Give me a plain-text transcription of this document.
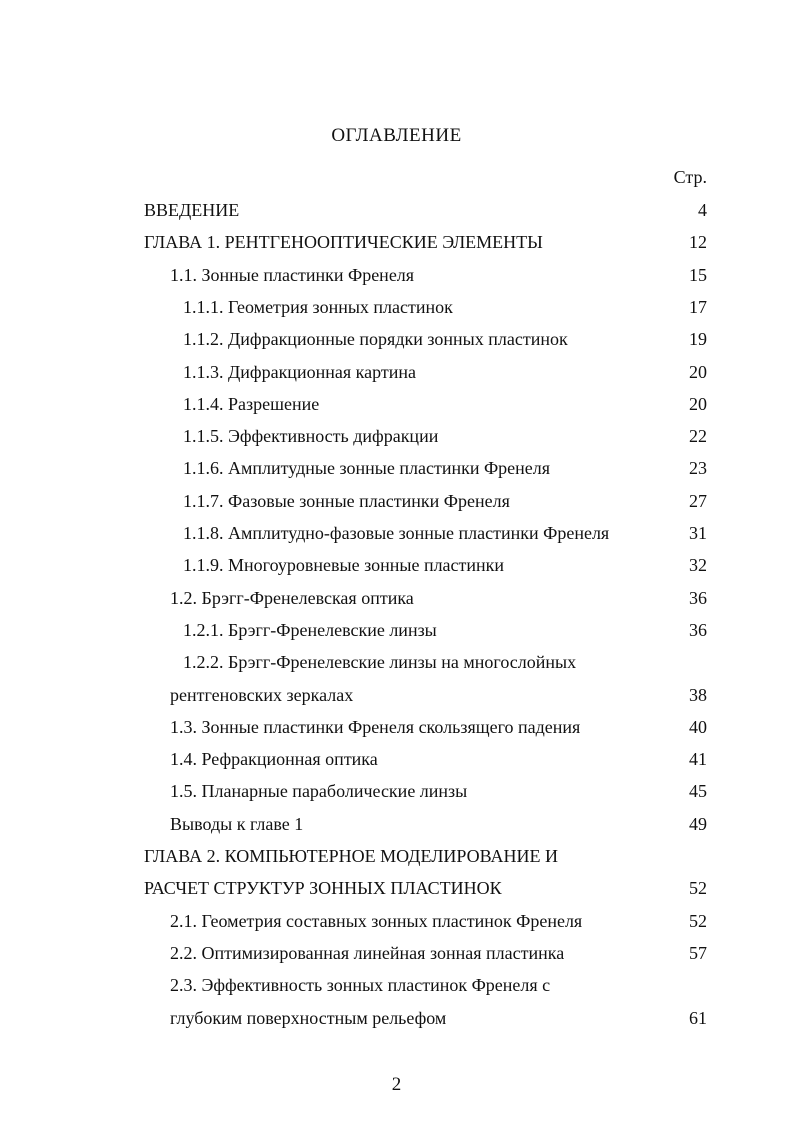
ОГЛАВЛЕНИЕ
Стр.
ВВЕДЕНИЕ	4
ГЛАВА 1. РЕНТГЕНООПТИЧЕСКИЕ ЭЛЕМЕНТЫ	12
1.1. Зонные пластинки Френеля	15
1.1.1. Геометрия зонных пластинок	17
1.1.2. Дифракционные порядки зонных пластинок	19
1.1.3. Дифракционная картина	20
1.1.4. Разрешение	20
1.1.5. Эффективность дифракции	22
1.1.6. Амплитудные зонные пластинки Френеля	23
1.1.7. Фазовые зонные пластинки Френеля	27
1.1.8. Амплитудно-фазовые зонные пластинки Френеля	31
1.1.9. Многоуровневые зонные пластинки	32
1.2. Брэгг-Френелевская оптика	36
1.2.1. Брэгг-Френелевские линзы	36
1.2.2. Брэгг-Френелевские линзы на многослойных
рентгеновских зеркалах	38
1.3. Зонные пластинки Френеля скользящего падения	40
1.4. Рефракционная оптика	41
1.5. Планарные параболические линзы	45
Выводы к главе 1	49
ГЛАВА 2. КОМПЬЮТЕРНОЕ МОДЕЛИРОВАНИЕ И
РАСЧЕТ СТРУКТУР ЗОННЫХ ПЛАСТИНОК	52
2.1. Геометрия составных зонных пластинок Френеля	52
2.2. Оптимизированная линейная зонная пластинка	57
2.3. Эффективность зонных пластинок Френеля с
глубоким поверхностным рельефом	61
2
